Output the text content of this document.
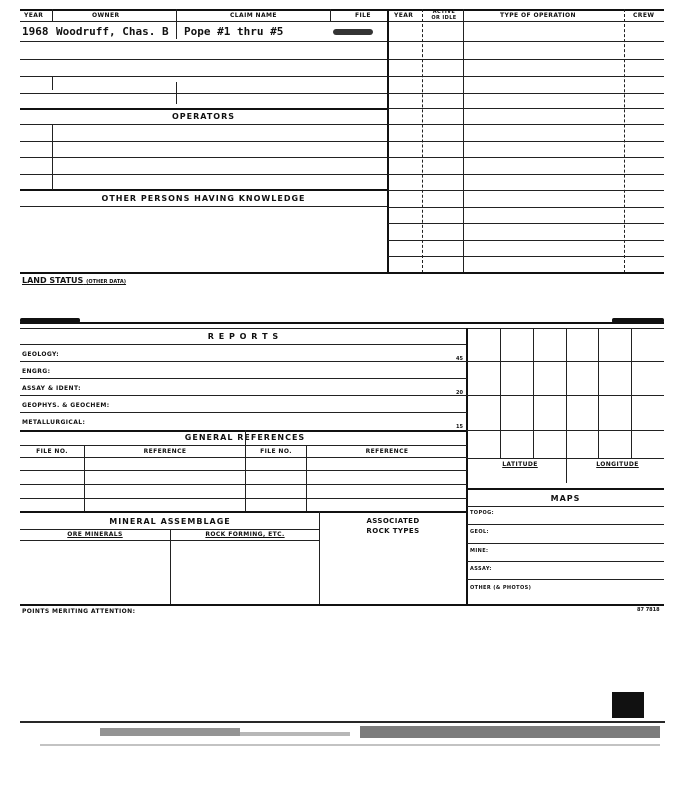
YEAR	OWNER	CLAIM NAME	FILE	YEAR	ACTIVE
OR IDLE	TYPE OF OPERATION	CREW
1968 Woodruff, Chas. B Pope #1 thru #5
OPERATORS
OTHER PERSONS HAVING KNOWLEDGE
LAND STATUS (OTHER DATA)
R E P O R T S
GEOLOGY:
45
ENGRG:
ASSAY & IDENT:
20
GEOPHYS. & GEOCHEM:
METALLURGICAL:
15
GENERAL REFERENCES
FILE NO.	REFERENCE	FILE NO.	REFERENCE
MINERAL ASSEMBLAGE	ASSOCIATED
ROCK TYPES
ORE MINERALS	ROCK FORMING, ETC.
LATITUDE	LONGITUDE
MAPS
TOPOG:
GEOL:
MINE:
ASSAY:
OTHER (& PHOTOS)
POINTS MERITING ATTENTION:	87 7818
